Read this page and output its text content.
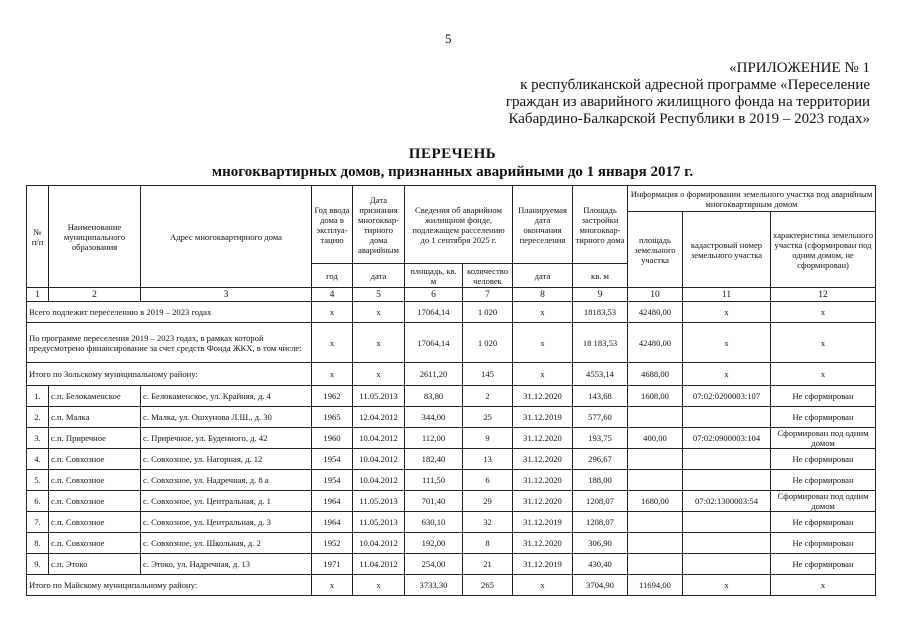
5
«ПРИЛОЖЕНИЕ № 1
к республиканской адресной программе «Переселение
граждан из аварийного жилищного фонда на территории
Кабардино-Балкарской Республики в 2019 – 2023 годах»
ПЕРЕЧЕНЬ
многоквартирных домов, признанных аварийными до 1 января 2017 г.
№ п/п	Наименование муниципального образования	Адрес многоквартирного дома	Год ввода дома в эксплуа-тацию	Дата признания многоквар-тирного дома аварийным	Сведения об аварийном жилищном фонде, подлежащем расселению до 1 сентября 2025 г.		Планируемая дата окончания переселения	Площадь застройки многоквар-тирного дома	Информация о формировании земельного участка под аварийным многоквартирным домом		
									площадь земельного участка	кадастровый номер земельного участка	характеристика земельного участка (сформирован под одним домом, не сформирован)
			год	дата	площадь, кв. м	количество человек	дата	кв. м			
1	2	3	4	5	6	7	8	9	10	11	12
Всего подлежит переселению в 2019 – 2023 годах			х	х	17064,14	1 020	х	18183,53	42480,00	х	х
По программе переселения 2019 – 2023 годах, в рамках которой предусмотрено финансирование за счет средств Фонда ЖКХ, в том числе:			х	х	17064,14	1 020	х	18 183,53	42480,00	х	х
Итого по Зольскому муниципальному району:			х	х	2611,20	145	х	4553,14	4688,00	х	х
1.	с.п. Белокаменское	с. Белокаменское, ул. Крайняя, д. 4	1962	11.05.2013	83,80	2	31.12.2020	143,68	1608,00	07:02:0200003:107	Не сформирован
2.	с.п. Малка	с. Малка, ул. Ошхунова Л.Ш., д. 30	1965	12.04.2012	344,00	25	31.12.2019	577,60			Не сформирован
3.	с.п. Приречное	с. Приречное, ул. Буденного, д. 42	1960	10.04.2012	112,00	9	31.12.2020	193,75	400,00	07:02:0900003:104	Сформирован под одним домом
4.	с.п. Совхозное	с. Совхозное, ул. Нагорная, д. 12	1954	10.04.2012	182,40	13	31.12.2020	296,67			Не сформирован
5.	с.п. Совхозное	с. Совхозное, ул. Надречная, д. 8 а	1954	10.04.2012	111,50	6	31.12.2020	188,00			Не сформирован
6.	с.п. Совхозное	с. Совхозное, ул. Центральная, д. 1	1964	11.05.2013	701,40	29	31.12.2020	1208,07	1680,00	07:02:1300003:54	Сформирован под одним домом
7.	с.п. Совхозное	с. Совхозное, ул. Центральная, д. 3	1964	11.05.2013	630,10	32	31.12.2019	1208,07			Не сформирован
8.	с.п. Совхозное	с. Совхозное, ул. Школьная, д. 2	1952	10.04.2012	192,00	8	31.12.2020	306,90			Не сформирован
9.	с.п. Этоко	с. Этоко, ул. Надречная, д. 13	1971	11.04.2012	254,00	21	31.12.2019	430,40			Не сформирован
Итого по Майскому муниципальному району:			х	х	3733,30	265	х	3704,90	11694,00	х	х
